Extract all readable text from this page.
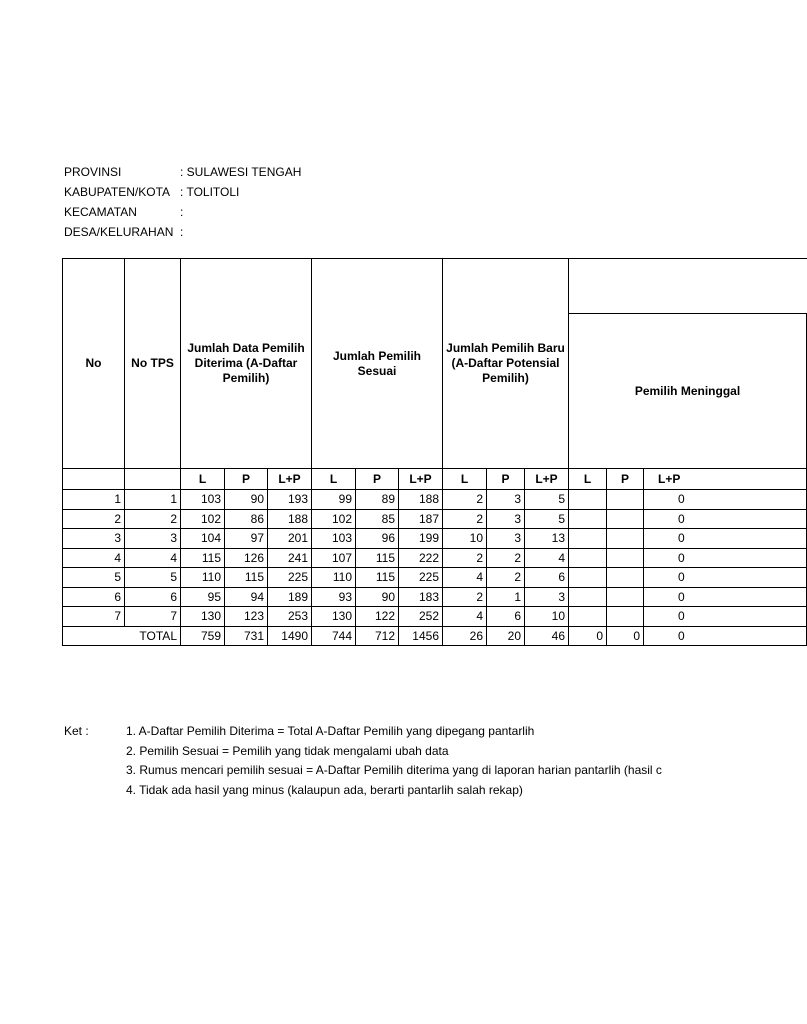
PROVINSI	: SULAWESI TENGAH
KABUPATEN/KOTA : TOLITOLI
KECAMATAN	:
DESA/KELURAHAN :
No	No TPS	Jumlah Data Pemilih Diterima (A-Daftar Pemilih)			Jumlah Pemilih Sesuai			Jumlah Pemilih Baru (A-Daftar Potensial Pemilih)					
											Pemilih Meninggal		
		L	P	L+P	L	P	L+P	L	P	L+P	L	P	L+P
1	1	103	90	193	99	89	188	2	3	5			0
2	2	102	86	188	102	85	187	2	3	5			0
3	3	104	97	201	103	96	199	10	3	13			0
4	4	115	126	241	107	115	222	2	2	4			0
5	5	110	115	225	110	115	225	4	2	6			0
6	6	95	94	189	93	90	183	2	1	3			0
7	7	130	123	253	130	122	252	4	6	10			0
TOTAL		759	731	1490	744	712	1456	26	20	46	0	0	0
Ket :	1. A-Daftar Pemilih Diterima = Total A-Daftar Pemilih yang dipegang pantarlih
2. Pemilih Sesuai = Pemilih yang tidak mengalami ubah data
3. Rumus mencari pemilih sesuai = A-Daftar Pemilih diterima yang di laporan harian pantarlih (hasil c
4. Tidak ada hasil yang minus (kalaupun ada, berarti pantarlih salah rekap)
